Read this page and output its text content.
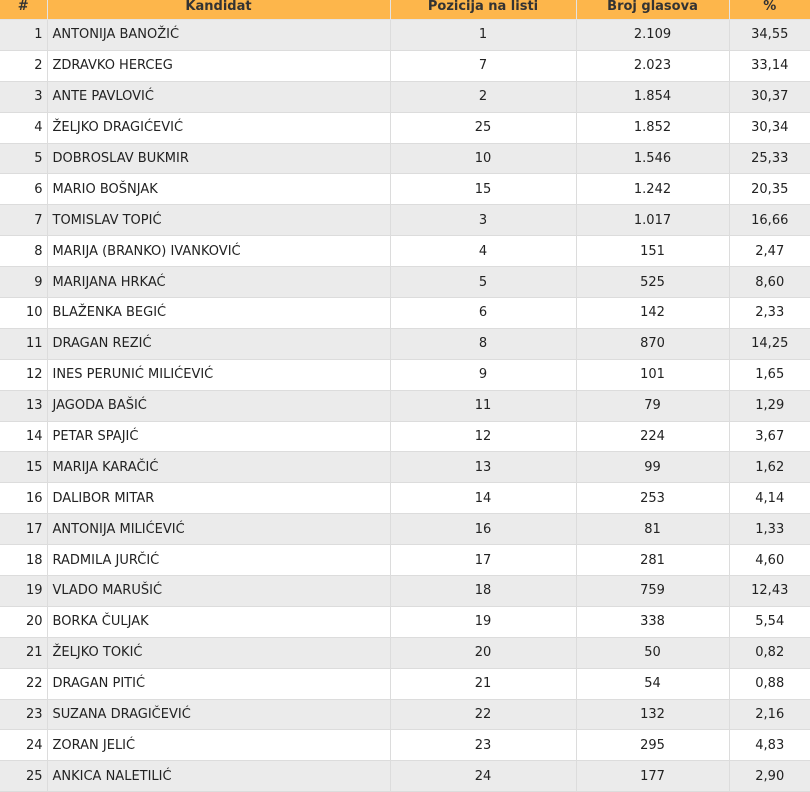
#	Kandidat	Pozicija na listi	Broj glasova	%
1	ANTONIJA BANOŽIĆ	1	2.109	34,55
2	ZDRAVKO HERCEG	7	2.023	33,14
3	ANTE PAVLOVIĆ	2	1.854	30,37
4	ŽELJKO DRAGIĆEVIĆ	25	1.852	30,34
5	DOBROSLAV BUKMIR	10	1.546	25,33
6	MARIO BOŠNJAK	15	1.242	20,35
7	TOMISLAV TOPIĆ	3	1.017	16,66
8	MARIJA (BRANKO) IVANKOVIĆ	4	151	2,47
9	MARIJANA HRKAĆ	5	525	8,60
10	BLAŽENKA BEGIĆ	6	142	2,33
11	DRAGAN REZIĆ	8	870	14,25
12	INES PERUNIĆ MILIĆEVIĆ	9	101	1,65
13	JAGODA BAŠIĆ	11	79	1,29
14	PETAR SPAJIĆ	12	224	3,67
15	MARIJA KARAČIĆ	13	99	1,62
16	DALIBOR MITAR	14	253	4,14
17	ANTONIJA MILIĆEVIĆ	16	81	1,33
18	RADMILA JURČIĆ	17	281	4,60
19	VLADO MARUŠIĆ	18	759	12,43
20	BORKA ČULJAK	19	338	5,54
21	ŽELJKO TOKIĆ	20	50	0,82
22	DRAGAN PITIĆ	21	54	0,88
23	SUZANA DRAGIČEVIĆ	22	132	2,16
24	ZORAN JELIĆ	23	295	4,83
25	ANKICA NALETILIĆ	24	177	2,90
